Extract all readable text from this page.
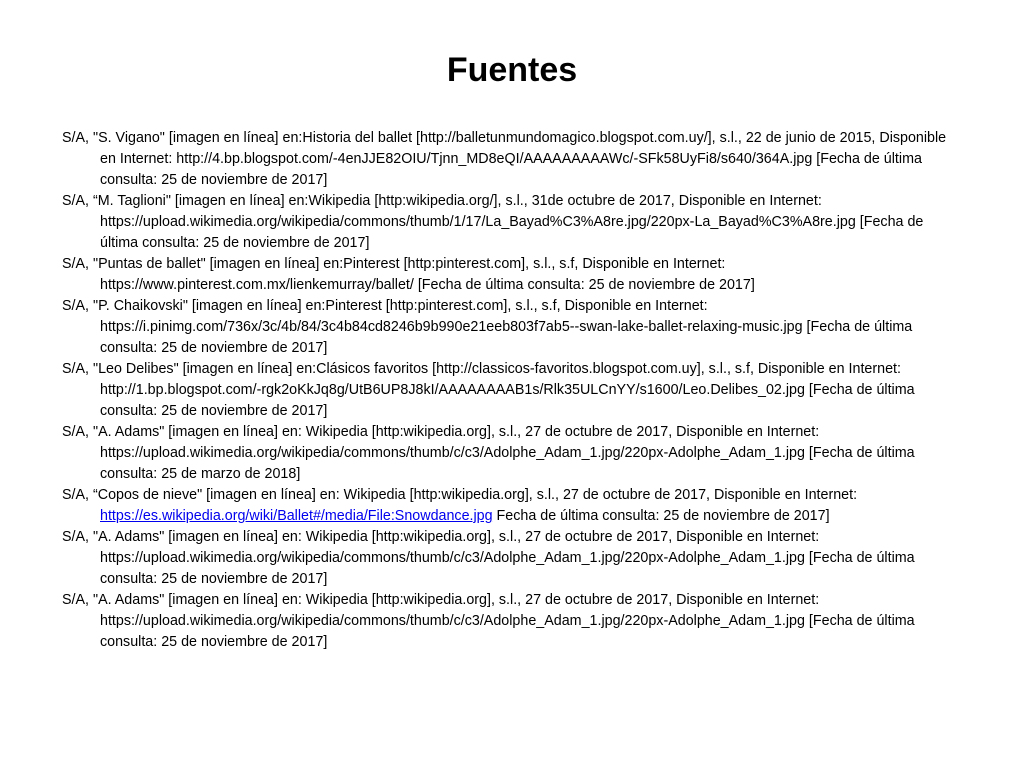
Fuentes
S/A, "S. Vigano" [imagen en línea] en:Historia del ballet [http://balletunmundomagico.blogspot.com.uy/], s.l., 22 de junio de 2015, Disponible en Internet: http://4.bp.blogspot.com/-4enJJE82OIU/Tjnn_MD8eQI/AAAAAAAAAWc/-SFk58UyFi8/s640/364A.jpg [Fecha de última consulta: 25 de noviembre de 2017]
S/A, “M. Taglioni" [imagen en línea] en:Wikipedia [http:wikipedia.org/], s.l., 31de octubre de 2017, Disponible en Internet: https://upload.wikimedia.org/wikipedia/commons/thumb/1/17/La_Bayad%C3%A8re.jpg/220px-La_Bayad%C3%A8re.jpg [Fecha de última consulta: 25 de noviembre de 2017]
S/A, "Puntas de ballet" [imagen en línea] en:Pinterest [http:pinterest.com], s.l., s.f, Disponible en Internet: https://www.pinterest.com.mx/lienkemurray/ballet/ [Fecha de última consulta: 25 de noviembre de 2017]
S/A, "P. Chaikovski" [imagen en línea] en:Pinterest [http:pinterest.com], s.l., s.f, Disponible en Internet: https://i.pinimg.com/736x/3c/4b/84/3c4b84cd8246b9b990e21eeb803f7ab5--swan-lake-ballet-relaxing-music.jpg [Fecha de última consulta: 25 de noviembre de 2017]
S/A, "Leo Delibes" [imagen en línea] en:Clásicos favoritos [http://classicos-favoritos.blogspot.com.uy], s.l., s.f, Disponible en Internet: http://1.bp.blogspot.com/-rgk2oKkJq8g/UtB6UP8J8kI/AAAAAAAAB1s/Rlk35ULCnYY/s1600/Leo.Delibes_02.jpg [Fecha de última consulta: 25 de noviembre de 2017]
S/A, "A. Adams" [imagen en línea] en: Wikipedia [http:wikipedia.org], s.l., 27 de octubre de 2017, Disponible en Internet: https://upload.wikimedia.org/wikipedia/commons/thumb/c/c3/Adolphe_Adam_1.jpg/220px-Adolphe_Adam_1.jpg [Fecha de última consulta: 25 de marzo de 2018]
S/A, “Copos de nieve" [imagen en línea] en: Wikipedia [http:wikipedia.org], s.l., 27 de octubre de 2017, Disponible en Internet: https://es.wikipedia.org/wiki/Ballet#/media/File:Snowdance.jpg Fecha de última consulta: 25 de noviembre de 2017]
S/A, "A. Adams" [imagen en línea] en: Wikipedia [http:wikipedia.org], s.l., 27 de octubre de 2017, Disponible en Internet: https://upload.wikimedia.org/wikipedia/commons/thumb/c/c3/Adolphe_Adam_1.jpg/220px-Adolphe_Adam_1.jpg [Fecha de última consulta: 25 de noviembre de 2017]
S/A, "A. Adams" [imagen en línea] en: Wikipedia [http:wikipedia.org], s.l., 27 de octubre de 2017, Disponible en Internet: https://upload.wikimedia.org/wikipedia/commons/thumb/c/c3/Adolphe_Adam_1.jpg/220px-Adolphe_Adam_1.jpg [Fecha de última consulta: 25 de noviembre de 2017]
